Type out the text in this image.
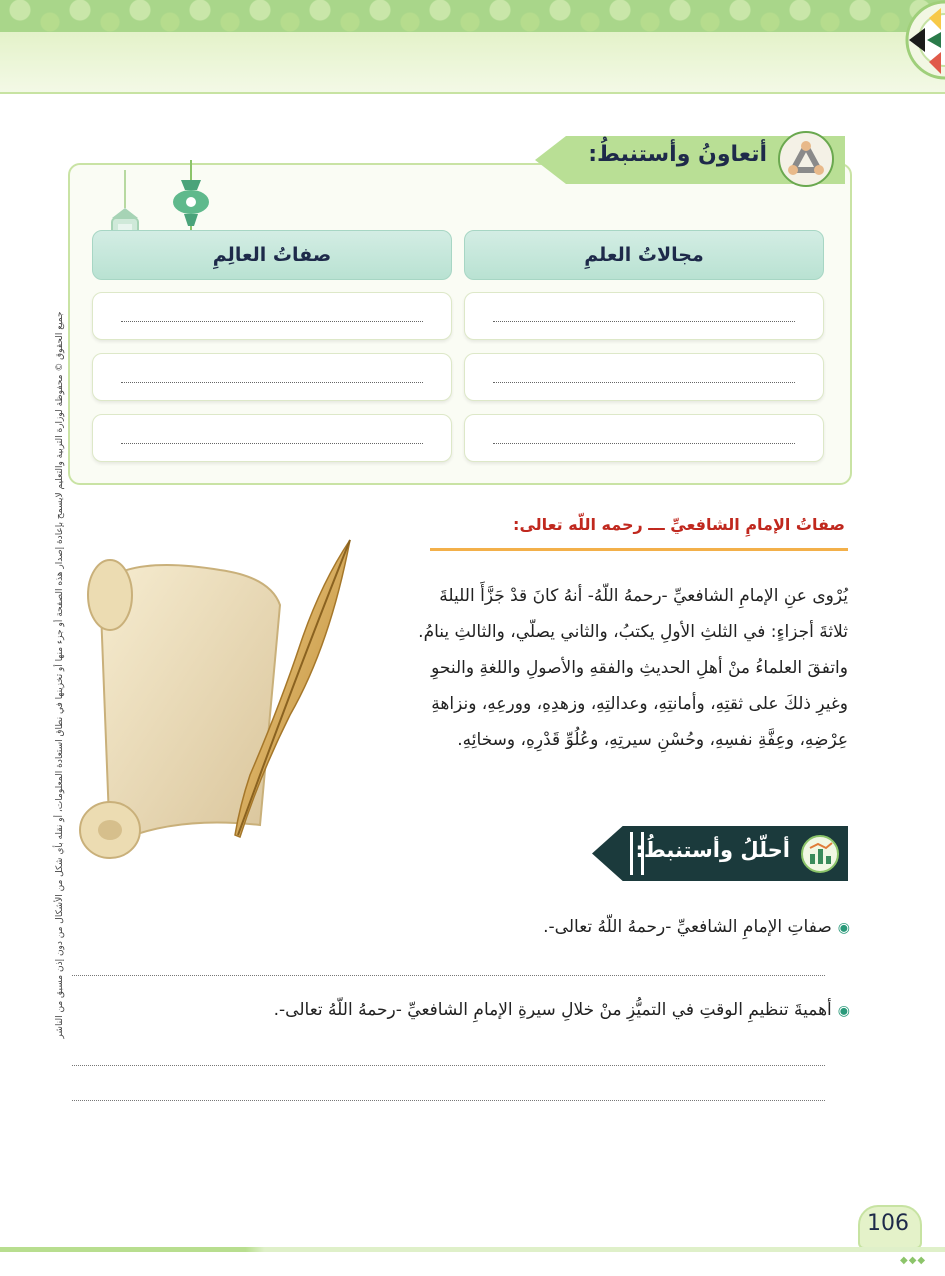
جميع الحقوق © محفوظة لوزارة التربية والتعليم لايسمح بإعادة إصدار هذه الصفحة أو جزء منها أو تخزينها في نطاق استعادة المعلومات، أو نقله بأي شكل من الأشكال من دون إذن مسبق من الناشر
أتعاونُ وأستنبطُ:
مجالاتُ العلمِ
صفاتُ العالِمِ
صفاتُ الإمامِ الشافعيِّ ـــ رحمه اللّه تعالى:
يُرْوى عنِ الإمامِ الشافعيِّ -رحمهُ اللّهُ- أنهُ كانَ قدْ جَزَّأَ الليلةَ
ثلاثةَ أجزاءٍ: في الثلثِ الأولِ يكتبُ، والثاني يصلّي، والثالثِ ينامُ.
واتفقَ العلماءُ منْ أهلِ الحديثِ والفقهِ والأصولِ واللغةِ والنحوِ
وغيرِ ذلكَ على ثقتِهِ، وأمانتِهِ، وعدالتِهِ، وزهدِهِ، وورعِهِ، ونزاهةِ
عِرْضِهِ، وعِفَّةِ نفسِهِ، وحُسْنِ سيرتِهِ، وعُلُوِّ قَدْرِهِ، وسخائِهِ.
أحلّلُ وأستنبطُ:
◉صفاتِ الإمامِ الشافعيِّ -رحمهُ اللّهُ تعالى-.
◉أهميةَ تنظيمِ الوقتِ في التميُّزِ منْ خلالِ سيرةِ الإمامِ الشافعيِّ -رحمهُ اللّهُ تعالى-.
106
◆◆◆
